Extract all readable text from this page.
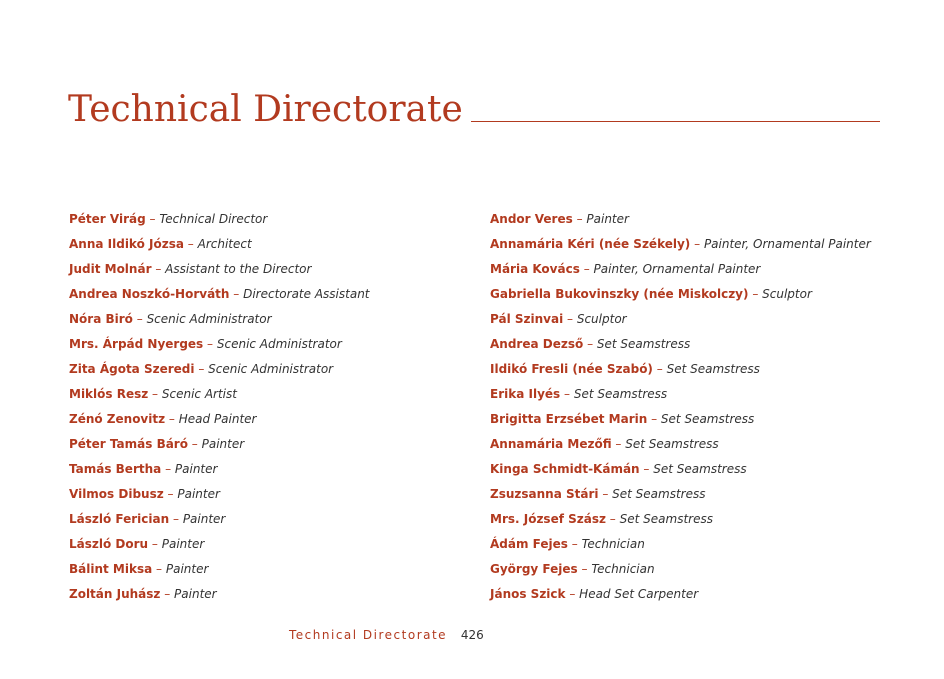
Technical Directorate
Péter Virág – Technical Director
Anna Ildikó Józsa – Architect
Judit Molnár – Assistant to the Director
Andrea Noszkó-Horváth – Directorate Assistant
Nóra Biró – Scenic Administrator
Mrs. Árpád Nyerges – Scenic Administrator
Zita Ágota Szeredi – Scenic Administrator
Miklós Resz – Scenic Artist
Zénó Zenovitz – Head Painter
Péter Tamás Báró – Painter
Tamás Bertha – Painter
Vilmos Dibusz – Painter
László Ferician – Painter
László Doru – Painter
Bálint Miksa – Painter
Zoltán Juhász – Painter
Andor Veres – Painter
Annamária Kéri (née Székely) – Painter, Ornamental Painter
Mária Kovács – Painter, Ornamental Painter
Gabriella Bukovinszky (née Miskolczy) – Sculptor
Pál Szinvai – Sculptor
Andrea Dezső – Set Seamstress
Ildikó Fresli (née Szabó) – Set Seamstress
Erika Ilyés – Set Seamstress
Brigitta Erzsébet Marin – Set Seamstress
Annamária Mezőfi – Set Seamstress
Kinga Schmidt-Kámán – Set Seamstress
Zsuzsanna Stári – Set Seamstress
Mrs. József Szász – Set Seamstress
Ádám Fejes – Technician
György Fejes – Technician
János Szick – Head Set Carpenter
Technical Directorate 426
